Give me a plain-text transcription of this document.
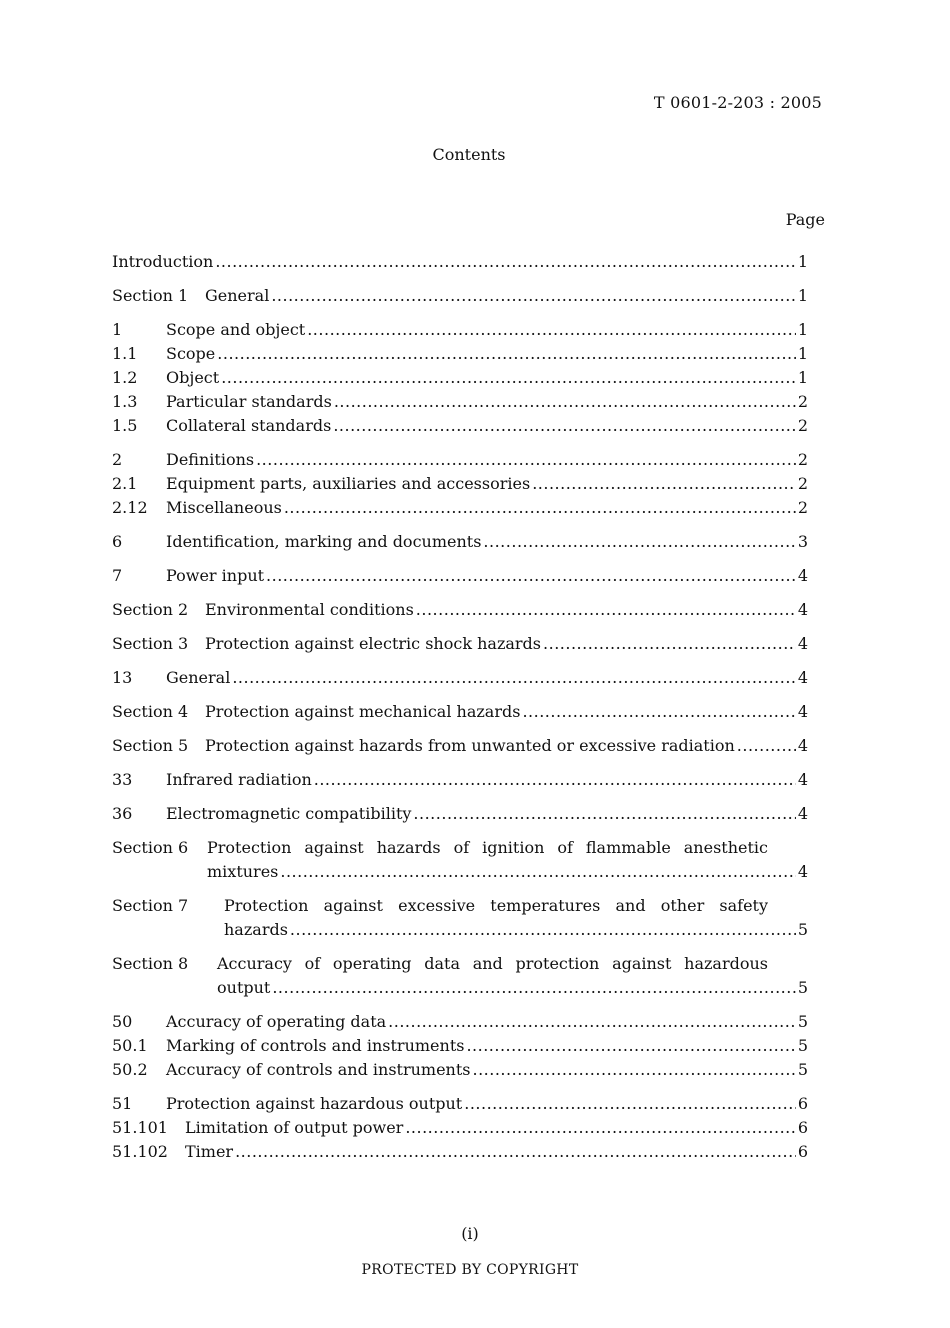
T 0601-2-203 : 2005
Contents
Page
Introduction .....	1
Section 1	General .....	1
1	Scope and object .....	1
1.1	Scope .....	1
1.2	Object .....	1
1.3	Particular standards .....	2
1.5	Collateral standards .....	2
2	Definitions .....	2
2.1	Equipment parts, auxiliaries and accessories .....	2
2.12	Miscellaneous .....	2
6	Identification, marking and documents .....	3
7	Power input .....	4
Section 2	Environmental conditions .....	4
Section 3	Protection against electric shock hazards .....	4
13	General .....	4
Section 4	Protection against mechanical hazards .....	4
Section 5	Protection against hazards from unwanted or excessive radiation .....	4
33	Infrared radiation .....	4
36	Electromagnetic compatibility .....	4
Section 6	Protection against hazards of ignition of flammable anesthetic
mixtures .....	4
Section 7	Protection against excessive temperatures and other safety
hazards .....	5
Section 8	Accuracy of operating data and protection against hazardous
output .....	5
50	Accuracy of operating data .....	5
50.1	Marking of controls and instruments .....	5
50.2	Accuracy of controls and instruments .....	5
51	Protection against hazardous output .....	6
51.101	Limitation of output power .....	6
51.102	Timer .....	6
(i)
PROTECTED BY COPYRIGHT
